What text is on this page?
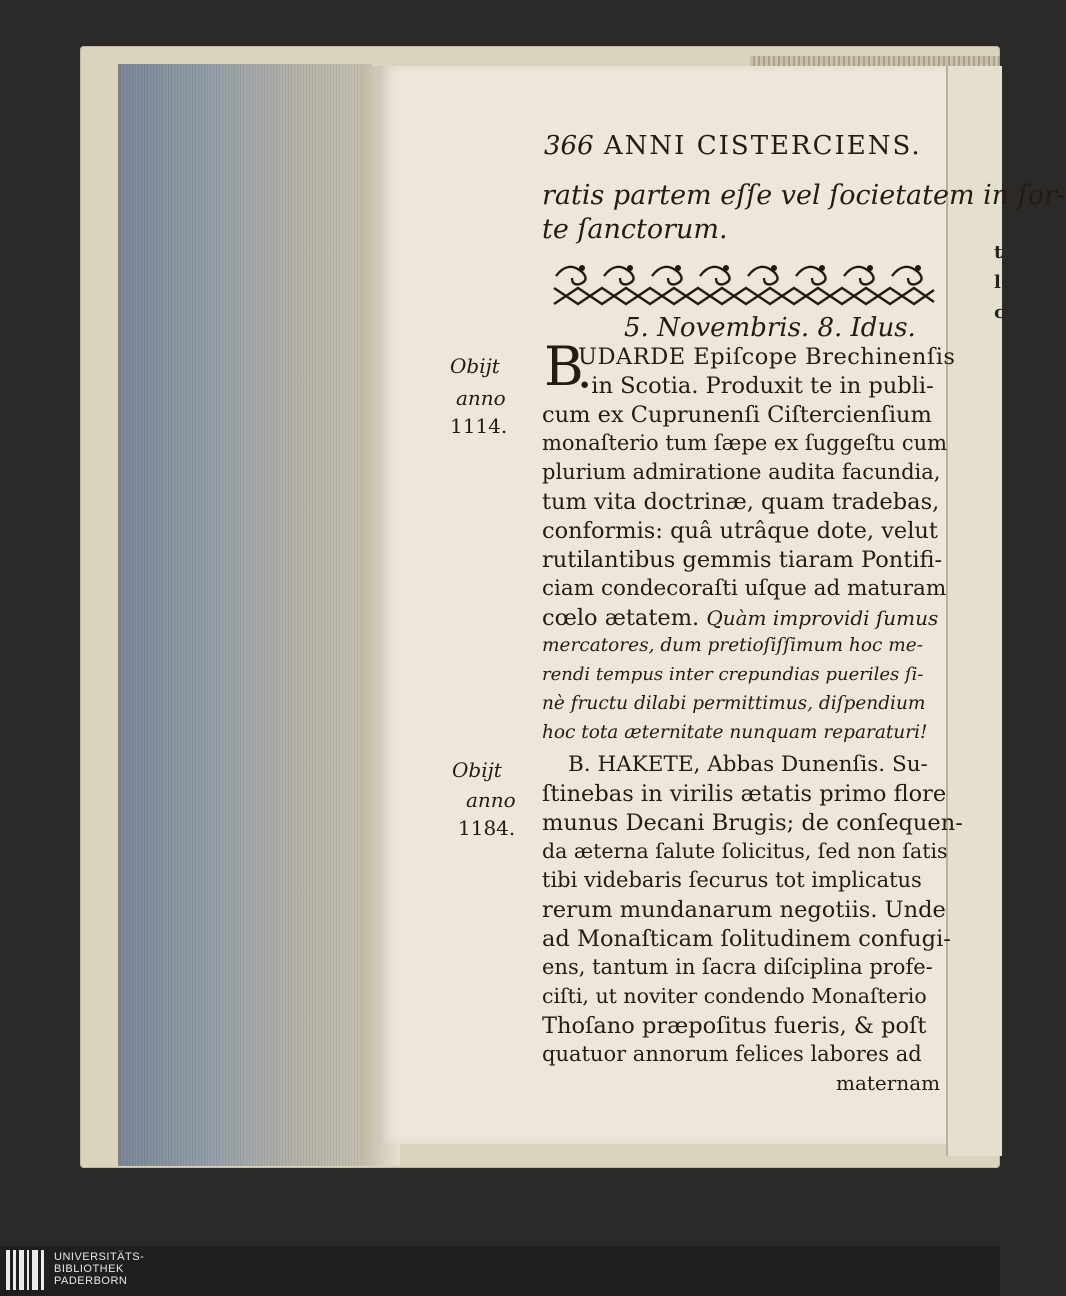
t
l
c
366 ANNI CISTERCIENS.
ratis partem eſſe vel ſocietatem in ſor-
te ſanctorum.
5. Novembris. 8. Idus.
B
UDARDE Epiſcope Brechinenſis
•in Scotia. Produxit te in publi-
cum ex Cuprunenſi Ciſtercienſium
monaſterio tum ſæpe ex ſuggeſtu cum
plurium admiratione audita facundia,
tum vita doctrinæ, quam tradebas,
conformis: quâ utrâque dote, velut
rutilantibus gemmis tiaram Pontifi-
ciam condecoraſti uſque ad maturam
cœlo ætatem. Quàm improvidi ſumus
mercatores, dum pretioſiſſimum hoc me-
rendi tempus inter crepundias pueriles ſi-
nè fructu dilabi permittimus, diſpendium
hoc tota æternitate nunquam reparaturi!
Obijt
anno
1114.
B. HAKETE, Abbas Dunenſis. Su-
ſtinebas in virilis ætatis primo flore
munus Decani Brugis; de conſequen-
da æterna ſalute ſolicitus, ſed non ſatis
tibi videbaris ſecurus tot implicatus
rerum mundanarum negotiis. Unde
ad Monaſticam ſolitudinem confugi-
ens, tantum in ſacra diſciplina profe-
ciſti, ut noviter condendo Monaſterio
Thoſano præpoſitus fueris, & poſt
quatuor annorum felices labores ad
maternam
Obijt
anno
1184.
UNIVERSITÄTS-
BIBLIOTHEK
PADERBORN
